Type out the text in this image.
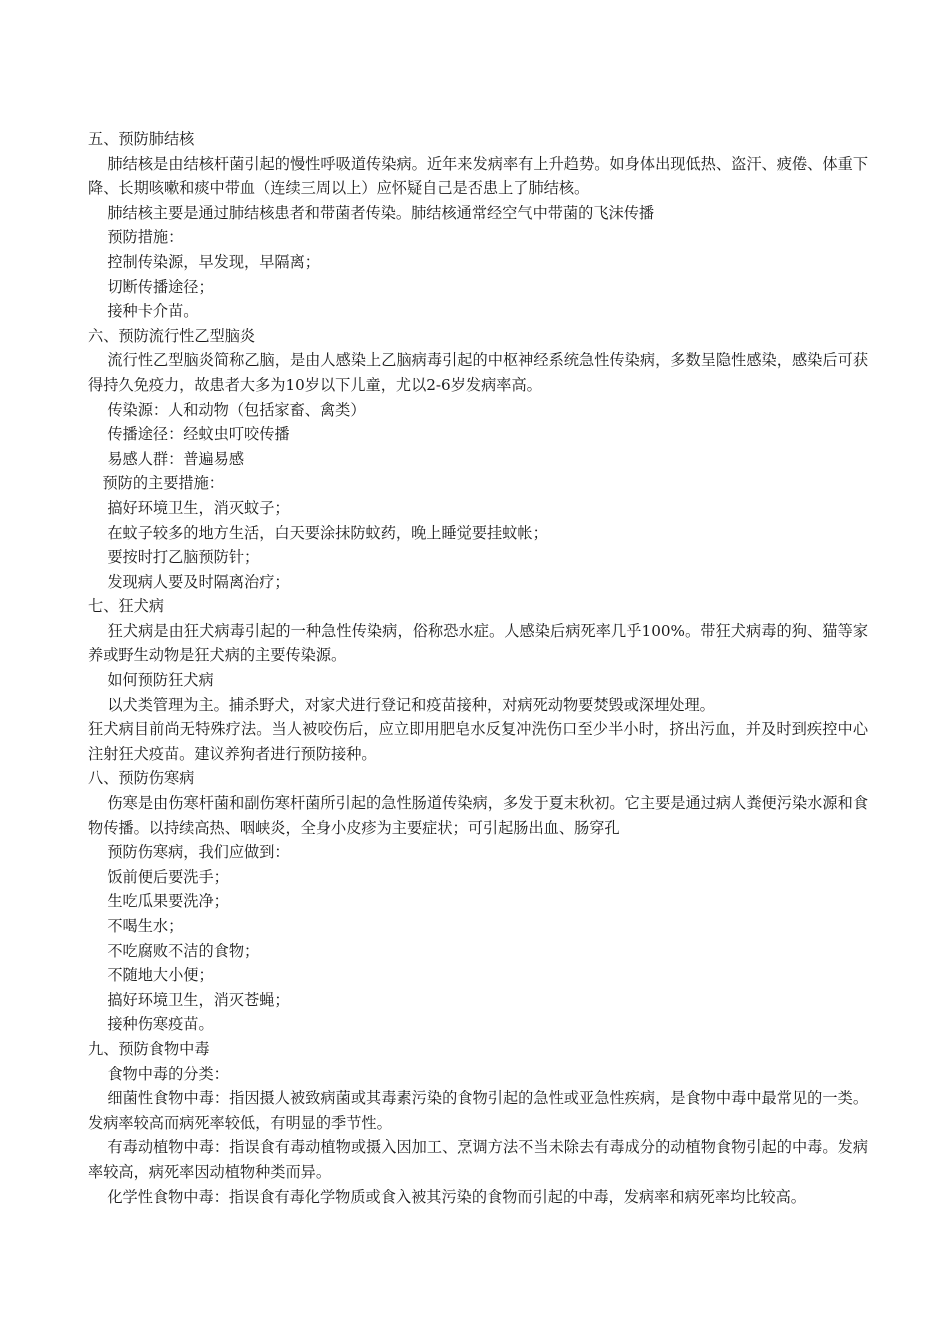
五、预防肺结核

肺结核是由结核杆菌引起的慢性呼吸道传染病。近年来发病率有上升趋势。如身体出现低热、盗汗、疲倦、体重下降、长期咳嗽和痰中带血（连续三周以上）应怀疑自己是否患上了肺结核。

肺结核主要是通过肺结核患者和带菌者传染。肺结核通常经空气中带菌的飞沫传播

预防措施：

控制传染源，早发现，早隔离；

切断传播途径；

接种卡介苗。

六、预防流行性乙型脑炎

流行性乙型脑炎简称乙脑，是由人感染上乙脑病毒引起的中枢神经系统急性传染病，多数呈隐性感染，感染后可获得持久免疫力，故患者大多为10岁以下儿童，尤以2-6岁发病率高。

传染源：人和动物（包括家畜、禽类）

传播途径：经蚊虫叮咬传播

易感人群：普遍易感

预防的主要措施：

搞好环境卫生，消灭蚊子；

在蚊子较多的地方生活，白天要涂抹防蚊药，晚上睡觉要挂蚊帐；

要按时打乙脑预防针；

发现病人要及时隔离治疗；

七、狂犬病

狂犬病是由狂犬病毒引起的一种急性传染病，俗称恐水症。人感染后病死率几乎100%。带狂犬病毒的狗、猫等家养或野生动物是狂犬病的主要传染源。

如何预防狂犬病

以犬类管理为主。捕杀野犬，对家犬进行登记和疫苗接种，对病死动物要焚毁或深埋处理。

狂犬病目前尚无特殊疗法。当人被咬伤后，应立即用肥皂水反复冲洗伤口至少半小时，挤出污血，并及时到疾控中心注射狂犬疫苗。建议养狗者进行预防接种。

八、预防伤寒病

伤寒是由伤寒杆菌和副伤寒杆菌所引起的急性肠道传染病，多发于夏末秋初。它主要是通过病人粪便污染水源和食物传播。以持续高热、咽峡炎，全身小皮疹为主要症状；可引起肠出血、肠穿孔

预防伤寒病，我们应做到：

饭前便后要洗手；

生吃瓜果要洗净；

不喝生水；

不吃腐败不洁的食物；

不随地大小便；

搞好环境卫生，消灭苍蝇；

接种伤寒疫苗。

九、预防食物中毒

食物中毒的分类：

细菌性食物中毒：指因摄人被致病菌或其毒素污染的食物引起的急性或亚急性疾病，是食物中毒中最常见的一类。发病率较高而病死率较低，有明显的季节性。

有毒动植物中毒：指误食有毒动植物或摄入因加工、烹调方法不当未除去有毒成分的动植物食物引起的中毒。发病率较高，病死率因动植物种类而异。

化学性食物中毒：指误食有毒化学物质或食入被其污染的食物而引起的中毒，发病率和病死率均比较高。
